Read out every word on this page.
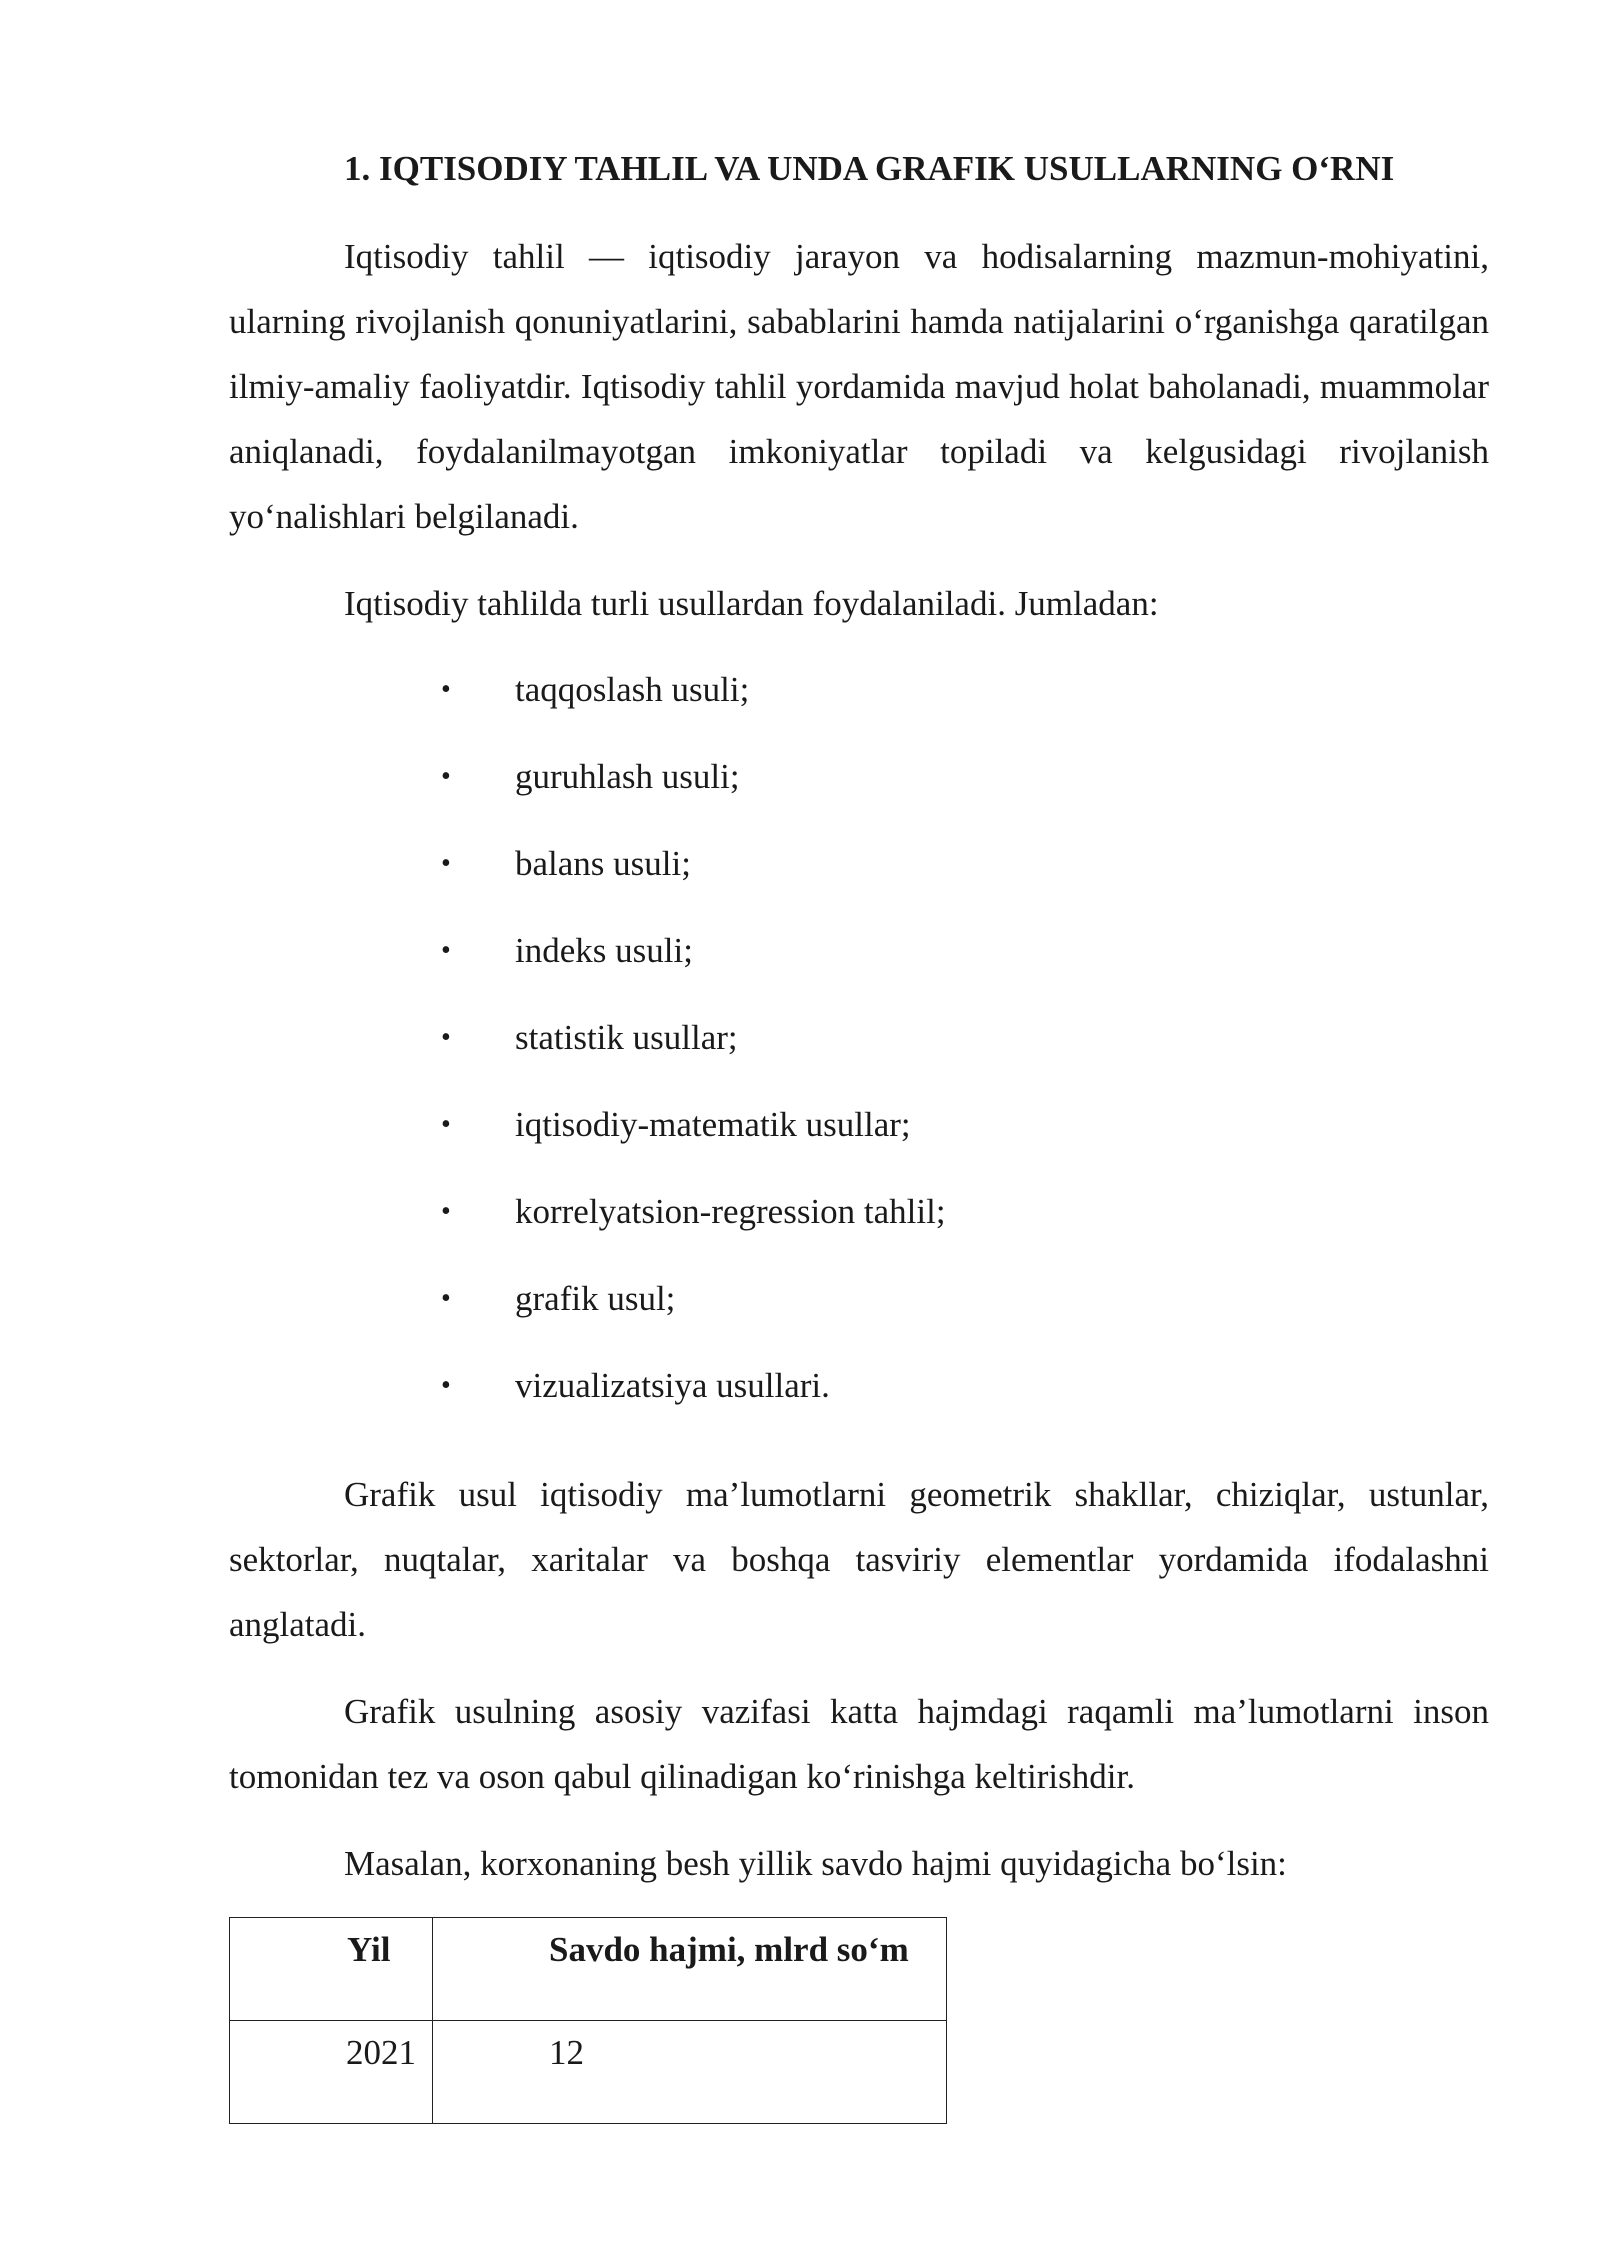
1. IQTISODIY TAHLIL VA UNDA GRAFIK USULLARNING O‘RNI

Iqtisodiy tahlil — iqtisodiy jarayon va hodisalarning mazmun-mohiyatini, ularning rivojlanish qonuniyatlarini, sabablarini hamda natijalarini o‘rganishga qaratilgan ilmiy-amaliy faoliyatdir. Iqtisodiy tahlil yordamida mavjud holat baholanadi, muammolar aniqlanadi, foydalanilmayotgan imkoniyatlar topiladi va kelgusidagi rivojlanish yo‘nalishlari belgilanadi.

Iqtisodiy tahlilda turli usullardan foydalaniladi. Jumladan:

• taqqoslash usuli;
• guruhlash usuli;
• balans usuli;
• indeks usuli;
• statistik usullar;
• iqtisodiy-matematik usullar;
• korrelyatsion-regression tahlil;
• grafik usul;
• vizualizatsiya usullari.

Grafik usul iqtisodiy ma’lumotlarni geometrik shakllar, chiziqlar, ustunlar, sektorlar, nuqtalar, xaritalar va boshqa tasviriy elementlar yordamida ifodalashni anglatadi.

Grafik usulning asosiy vazifasi katta hajmdagi raqamli ma’lumotlarni inson tomonidan tez va oson qabul qilinadigan ko‘rinishga keltirishdir.

Masalan, korxonaning besh yillik savdo hajmi quyidagicha bo‘lsin:

Yil	Savdo hajmi, mlrd so‘m
2021	12
